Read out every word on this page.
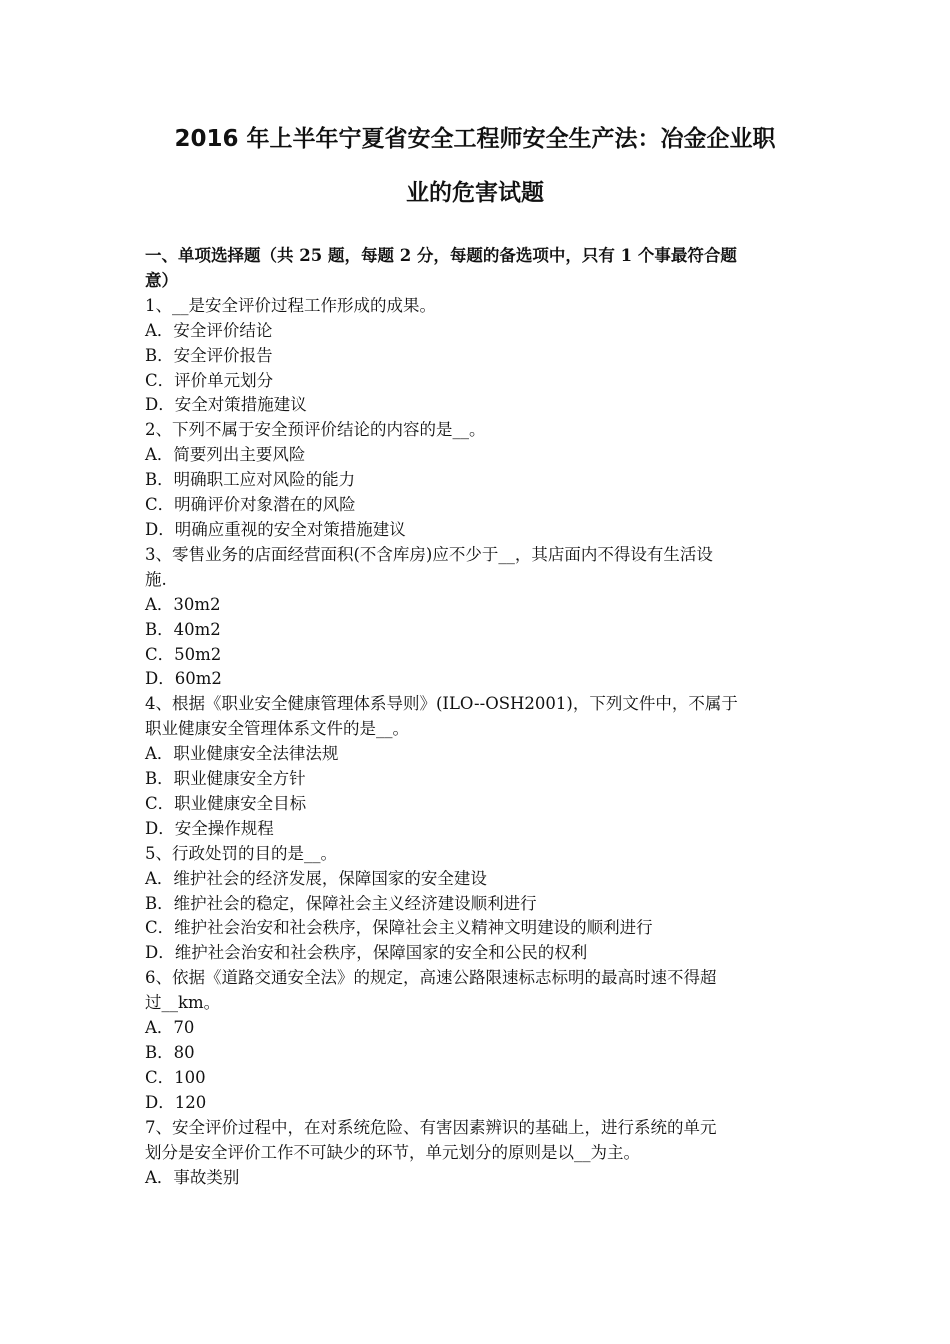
2016 年上半年宁夏省安全工程师安全生产法：冶金企业职
业的危害试题
一、单项选择题（共 25 题，每题 2 分，每题的备选项中，只有 1 个事最符合题
意）
1、__是安全评价过程工作形成的成果。
A．安全评价结论
B．安全评价报告
C．评价单元划分
D．安全对策措施建议
2、下列不属于安全预评价结论的内容的是__。
A．简要列出主要风险
B．明确职工应对风险的能力
C．明确评价对象潜在的风险
D．明确应重视的安全对策措施建议
3、零售业务的店面经营面积(不含库房)应不少于__，其店面内不得设有生活设
施.
A．30m2
B．40m2
C．50m2
D．60m2
4、根据《职业安全健康管理体系导则》(ILO--OSH2001)，下列文件中，不属于
职业健康安全管理体系文件的是__。
A．职业健康安全法律法规
B．职业健康安全方针
C．职业健康安全目标
D．安全操作规程
5、行政处罚的目的是__。
A．维护社会的经济发展，保障国家的安全建设
B．维护社会的稳定，保障社会主义经济建设顺利进行
C．维护社会治安和社会秩序，保障社会主义精神文明建设的顺利进行
D．维护社会治安和社会秩序，保障国家的安全和公民的权利
6、依据《道路交通安全法》的规定，高速公路限速标志标明的最高时速不得超
过__km。
A．70
B．80
C．100
D．120
7、安全评价过程中，在对系统危险、有害因素辨识的基础上，进行系统的单元
划分是安全评价工作不可缺少的环节，单元划分的原则是以__为主。
A．事故类别
